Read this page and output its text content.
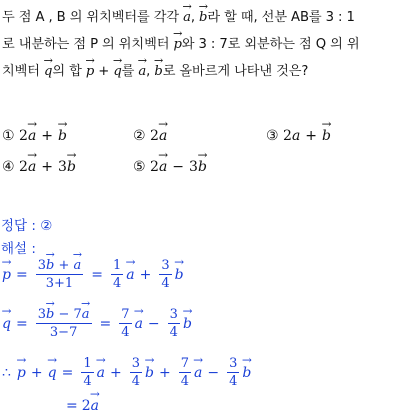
두 점 A , B 의 위치벡터를 각각 → a, → b라 할 때, 선분 AB를 3 : 1
로 내분하는 점 P 의 위치벡터 → p와 3 : 7로 외분하는 점 Q 의 위
치벡터 → q의 합 → p + → q를 → a, → b로 올바르게 나타낸 것은?
①
2
→ a +
→ b	②
2
→ a	③
2 a +
→ b
④
2
→ a + 3
→ b	⑤
2
→ a − 3
→ b
정답 : ②
해설 :
→ $p = \frac{3\to b + \to a}{3+1} = \frac{1}{4}$
→ $a + \frac{3}{4}$
→ b
→ $q = \frac{3\to b - 7\to a}{3-7} = \frac{7}{4}$
→ $a - \frac{3}{4}$
→ b
∴
→ p +
→ $q = \frac{1}{4}$
→ $a + \frac{3}{4}$
→ $b + \frac{7}{4}$
→ $a - \frac{3}{4}$
→ b
= 2
→ a
